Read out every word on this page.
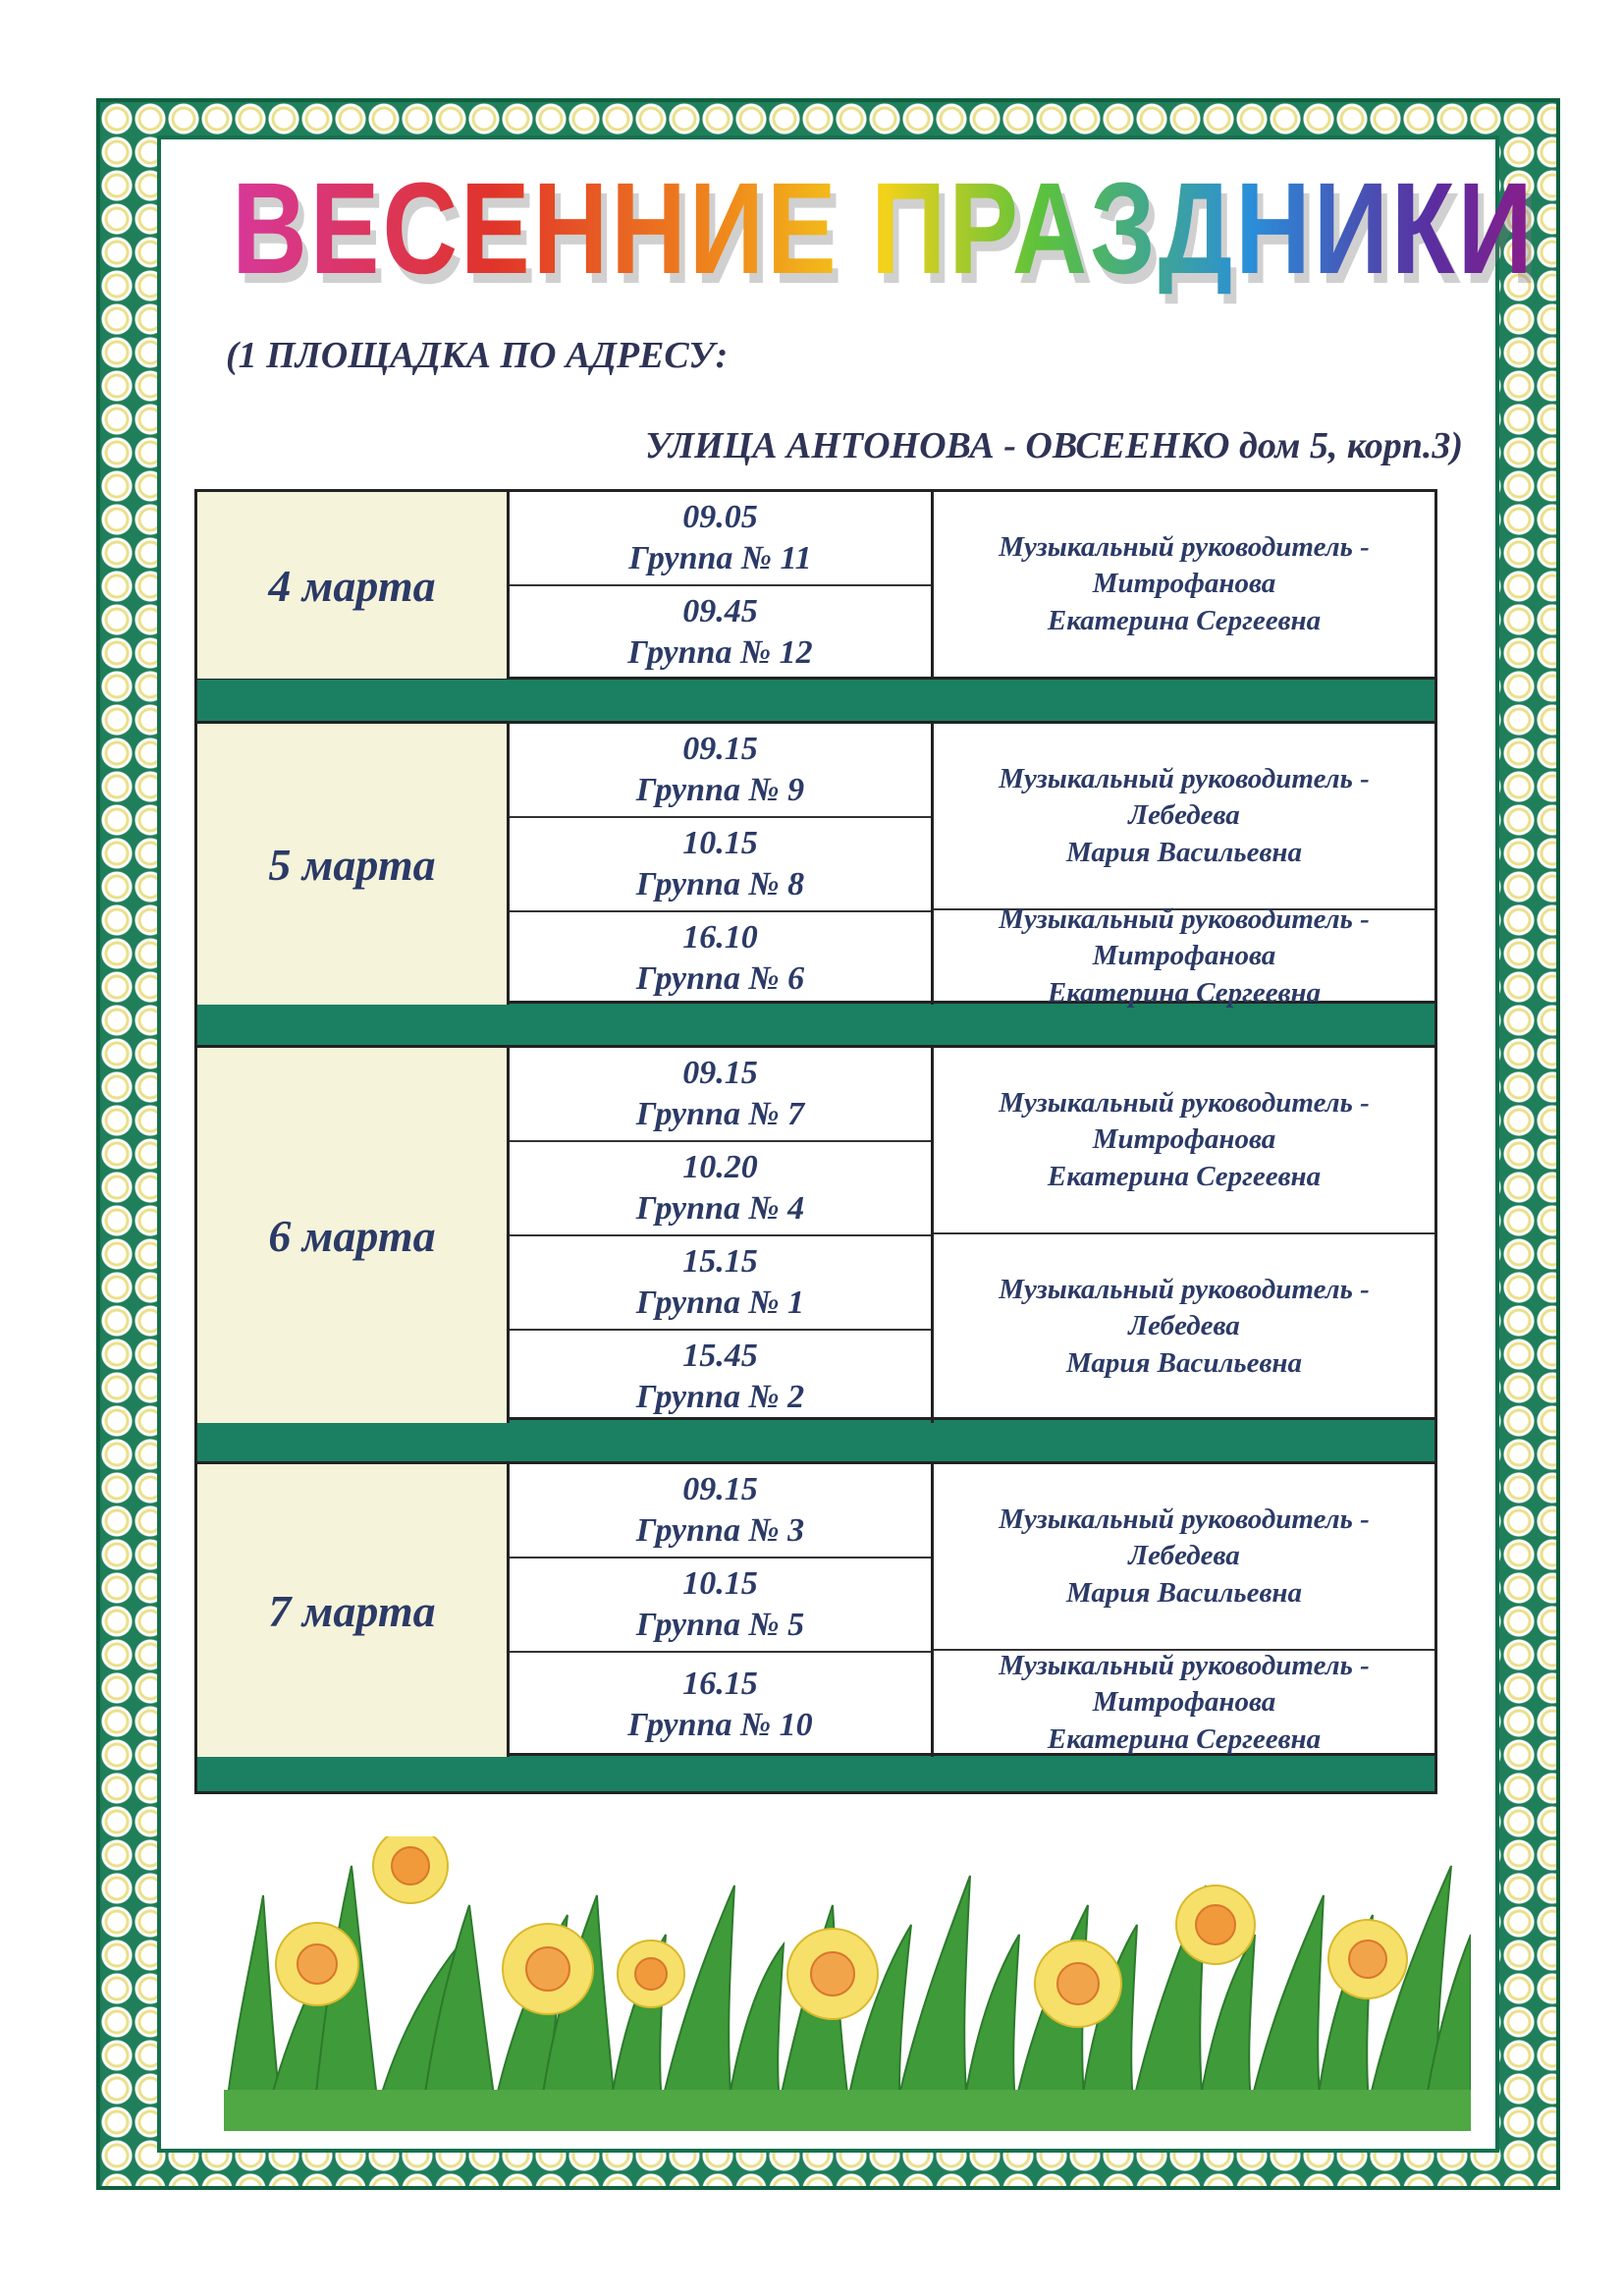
ВЕСЕННИЕ ПРАЗДНИКИ
(1 ПЛОЩАДКА ПО АДРЕСУ:
УЛИЦА АНТОНОВА - ОВСЕЕНКО дом 5, корп.3)
4 марта
09.05
Группа № 11
09.45
Группа № 12
Музыкальный руководитель -
Митрофанова
Екатерина Сергеевна
5 марта
09.15
Группа № 9
10.15
Группа № 8
16.10
Группа № 6
Музыкальный руководитель -
Лебедева
Мария Васильевна
Музыкальный руководитель -
Митрофанова
Екатерина Сергеевна
6 марта
09.15
Группа № 7
10.20
Группа № 4
15.15
Группа № 1
15.45
Группа № 2
Музыкальный руководитель -
Митрофанова
Екатерина Сергеевна
Музыкальный руководитель -
Лебедева
Мария Васильевна
7 марта
09.15
Группа № 3
10.15
Группа № 5
16.15
Группа № 10
Музыкальный руководитель -
Лебедева
Мария Васильевна
Музыкальный руководитель -
Митрофанова
Екатерина Сергеевна
